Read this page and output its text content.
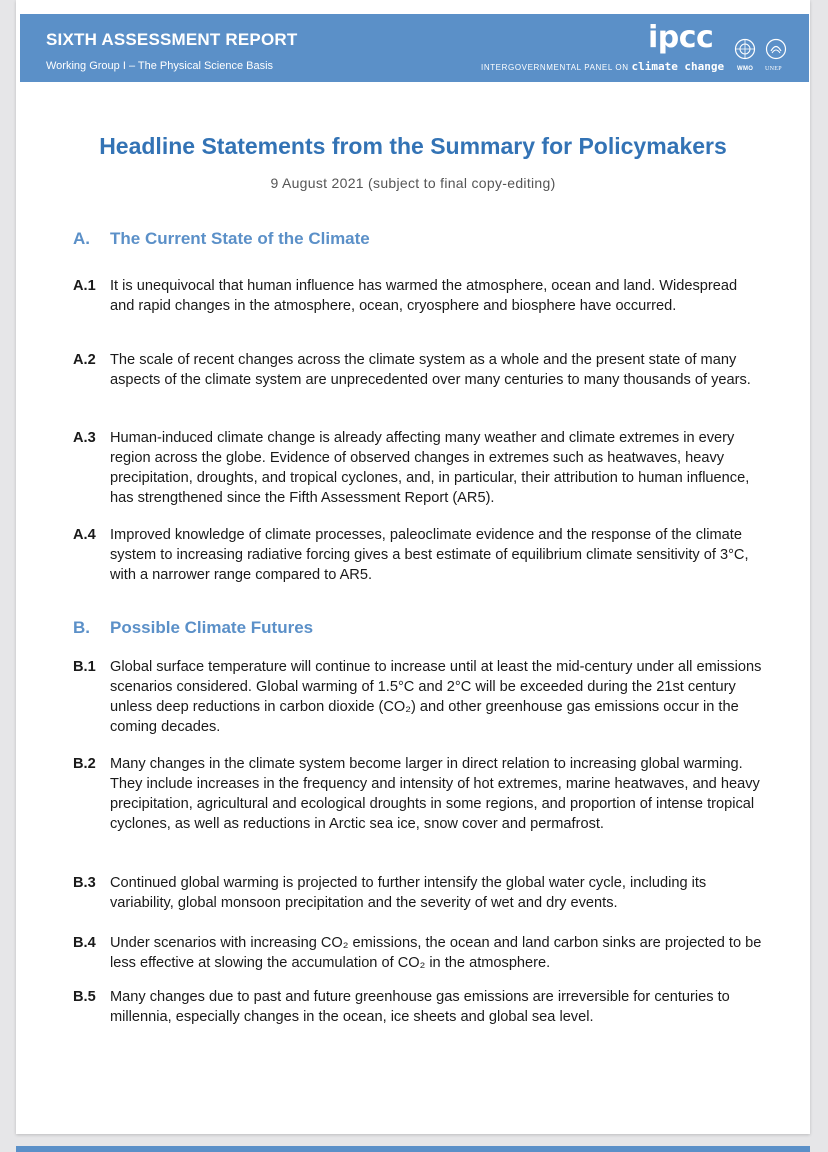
SIXTH ASSESSMENT REPORT
Working Group I – The Physical Science Basis
ipcc
INTERGOVERNMENTAL PANEL ON climate change WMO UNEP
Headline Statements from the Summary for Policymakers
9 August 2021 (subject to final copy-editing)
A. The Current State of the Climate
A.1 It is unequivocal that human influence has warmed the atmosphere, ocean and land. Widespread and rapid changes in the atmosphere, ocean, cryosphere and biosphere have occurred.
A.2 The scale of recent changes across the climate system as a whole and the present state of many aspects of the climate system are unprecedented over many centuries to many thousands of years.
A.3 Human-induced climate change is already affecting many weather and climate extremes in every region across the globe. Evidence of observed changes in extremes such as heatwaves, heavy precipitation, droughts, and tropical cyclones, and, in particular, their attribution to human influence, has strengthened since the Fifth Assessment Report (AR5).
A.4 Improved knowledge of climate processes, paleoclimate evidence and the response of the climate system to increasing radiative forcing gives a best estimate of equilibrium climate sensitivity of 3°C, with a narrower range compared to AR5.
B. Possible Climate Futures
B.1 Global surface temperature will continue to increase until at least the mid-century under all emissions scenarios considered. Global warming of 1.5°C and 2°C will be exceeded during the 21st century unless deep reductions in carbon dioxide (CO₂) and other greenhouse gas emissions occur in the coming decades.
B.2 Many changes in the climate system become larger in direct relation to increasing global warming. They include increases in the frequency and intensity of hot extremes, marine heatwaves, and heavy precipitation, agricultural and ecological droughts in some regions, and proportion of intense tropical cyclones, as well as reductions in Arctic sea ice, snow cover and permafrost.
B.3 Continued global warming is projected to further intensify the global water cycle, including its variability, global monsoon precipitation and the severity of wet and dry events.
B.4 Under scenarios with increasing CO₂ emissions, the ocean and land carbon sinks are projected to be less effective at slowing the accumulation of CO₂ in the atmosphere.
B.5 Many changes due to past and future greenhouse gas emissions are irreversible for centuries to millennia, especially changes in the ocean, ice sheets and global sea level.
